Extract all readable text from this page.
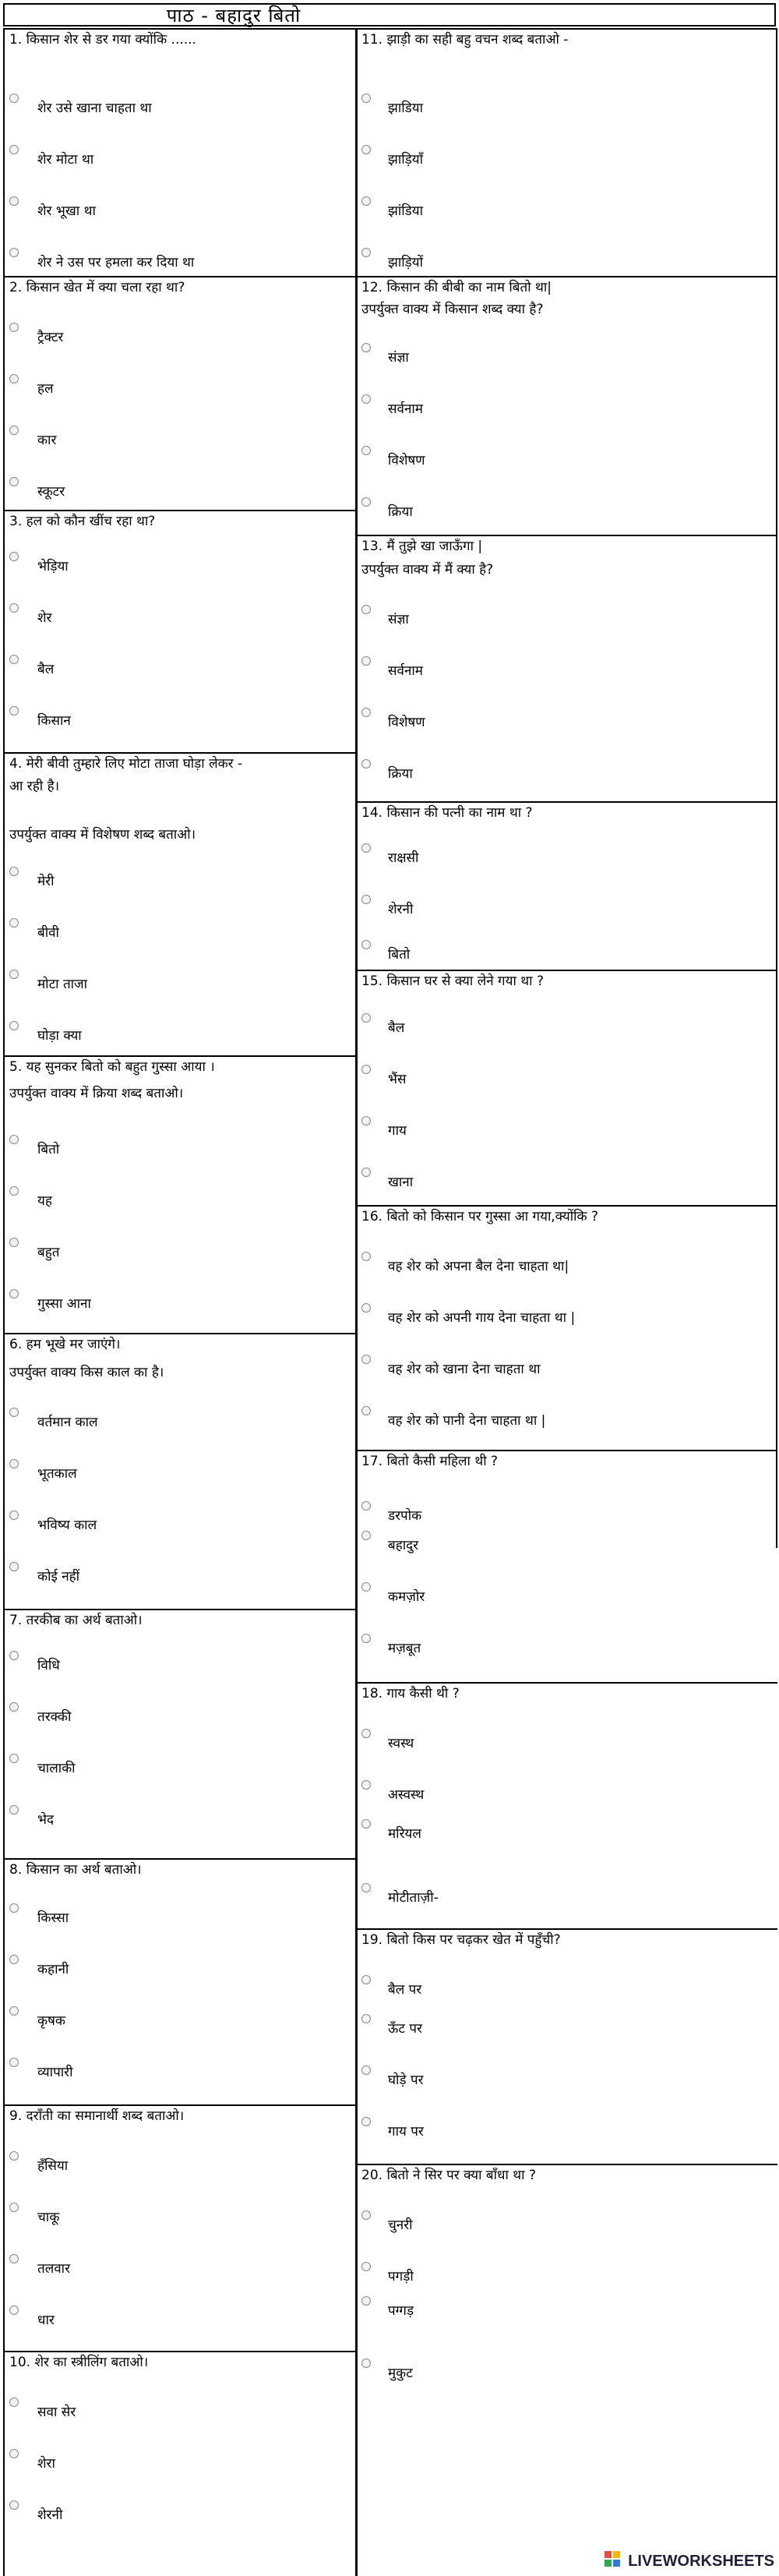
पाठ - बहादुर बितो
1. किसान शेर से डर गया क्योंकि ......
शेर उसे खाना चाहता था
शेर मोटा था
शेर भूखा था
शेर ने उस पर हमला कर दिया था
2. किसान खेत में क्या चला रहा था?
ट्रैक्टर
हल
कार
स्कूटर
3. हल को कौन खींच रहा था?
भेड़िया
शेर
बैल
किसान
4. मेरी बीवी तुम्हारे लिए मोटा ताजा घोड़ा लेकर -
आ रही है।
उपर्युक्त वाक्य में विशेषण शब्द बताओ।
मेरी
बीवी
मोटा ताजा
घोड़ा क्या
5. यह सुनकर बितो को बहुत गुस्सा आया ।
उपर्युक्त वाक्य में क्रिया शब्द बताओ।
बितो
यह
बहुत
गुस्सा आना
6. हम भूखे मर जाएंगे।
उपर्युक्त वाक्य किस काल का है।
वर्तमान काल
भूतकाल
भविष्य काल
कोई नहीं
7. तरकीब का अर्थ बताओ।
विधि
तरक्की
चालाकी
भेद
8. किसान का अर्थ बताओ।
किस्सा
कहानी
कृषक
व्यापारी
9. दराँती का समानार्थी शब्द बताओ।
हँसिया
चाकू
तलवार
धार
10. शेर का स्त्रीलिंग बताओ।
सवा सेर
शेरा
शेरनी
11. झाड़ी का सही बहु वचन शब्द बताओ -
झाडिया
झाड़ियाँ
झांडिया
झाड़ियों
12. किसान की बीबी का नाम बितो था|
उपर्युक्त वाक्य में किसान शब्द क्या है?
संज्ञा
सर्वनाम
विशेषण
क्रिया
13. मैं तुझे खा जाऊँगा |
उपर्युक्त वाक्य में मैं क्या है?
संज्ञा
सर्वनाम
विशेषण
क्रिया
14. किसान की पत्नी का नाम था ?
राक्षसी
शेरनी
बितो
15. किसान घर से क्या लेने गया था ?
बैल
भैंस
गाय
खाना
16. बितो को किसान पर गुस्सा आ गया,क्योंकि ?
वह शेर को अपना बैल देना चाहता था|
वह शेर को अपनी गाय देना चाहता था |
वह शेर को खाना देना चाहता था
वह शेर को पानी देना चाहता था |
17. बितो कैसी महिला थी ?
डरपोक
बहादुर
कमज़ोर
मज़बूत
18. गाय कैसी थी ?
स्वस्थ
अस्वस्थ
मरियल
मोटीताज़ी-
19. बितो किस पर चढ़कर खेत में पहुँची?
बैल पर
ऊँट पर
घोड़े पर
गाय पर
20. बितो ने सिर पर क्या बाँधा था ?
चुनरी
पगड़ी
पग्गड़
मुकुट
LIVEWORKSHEETS
